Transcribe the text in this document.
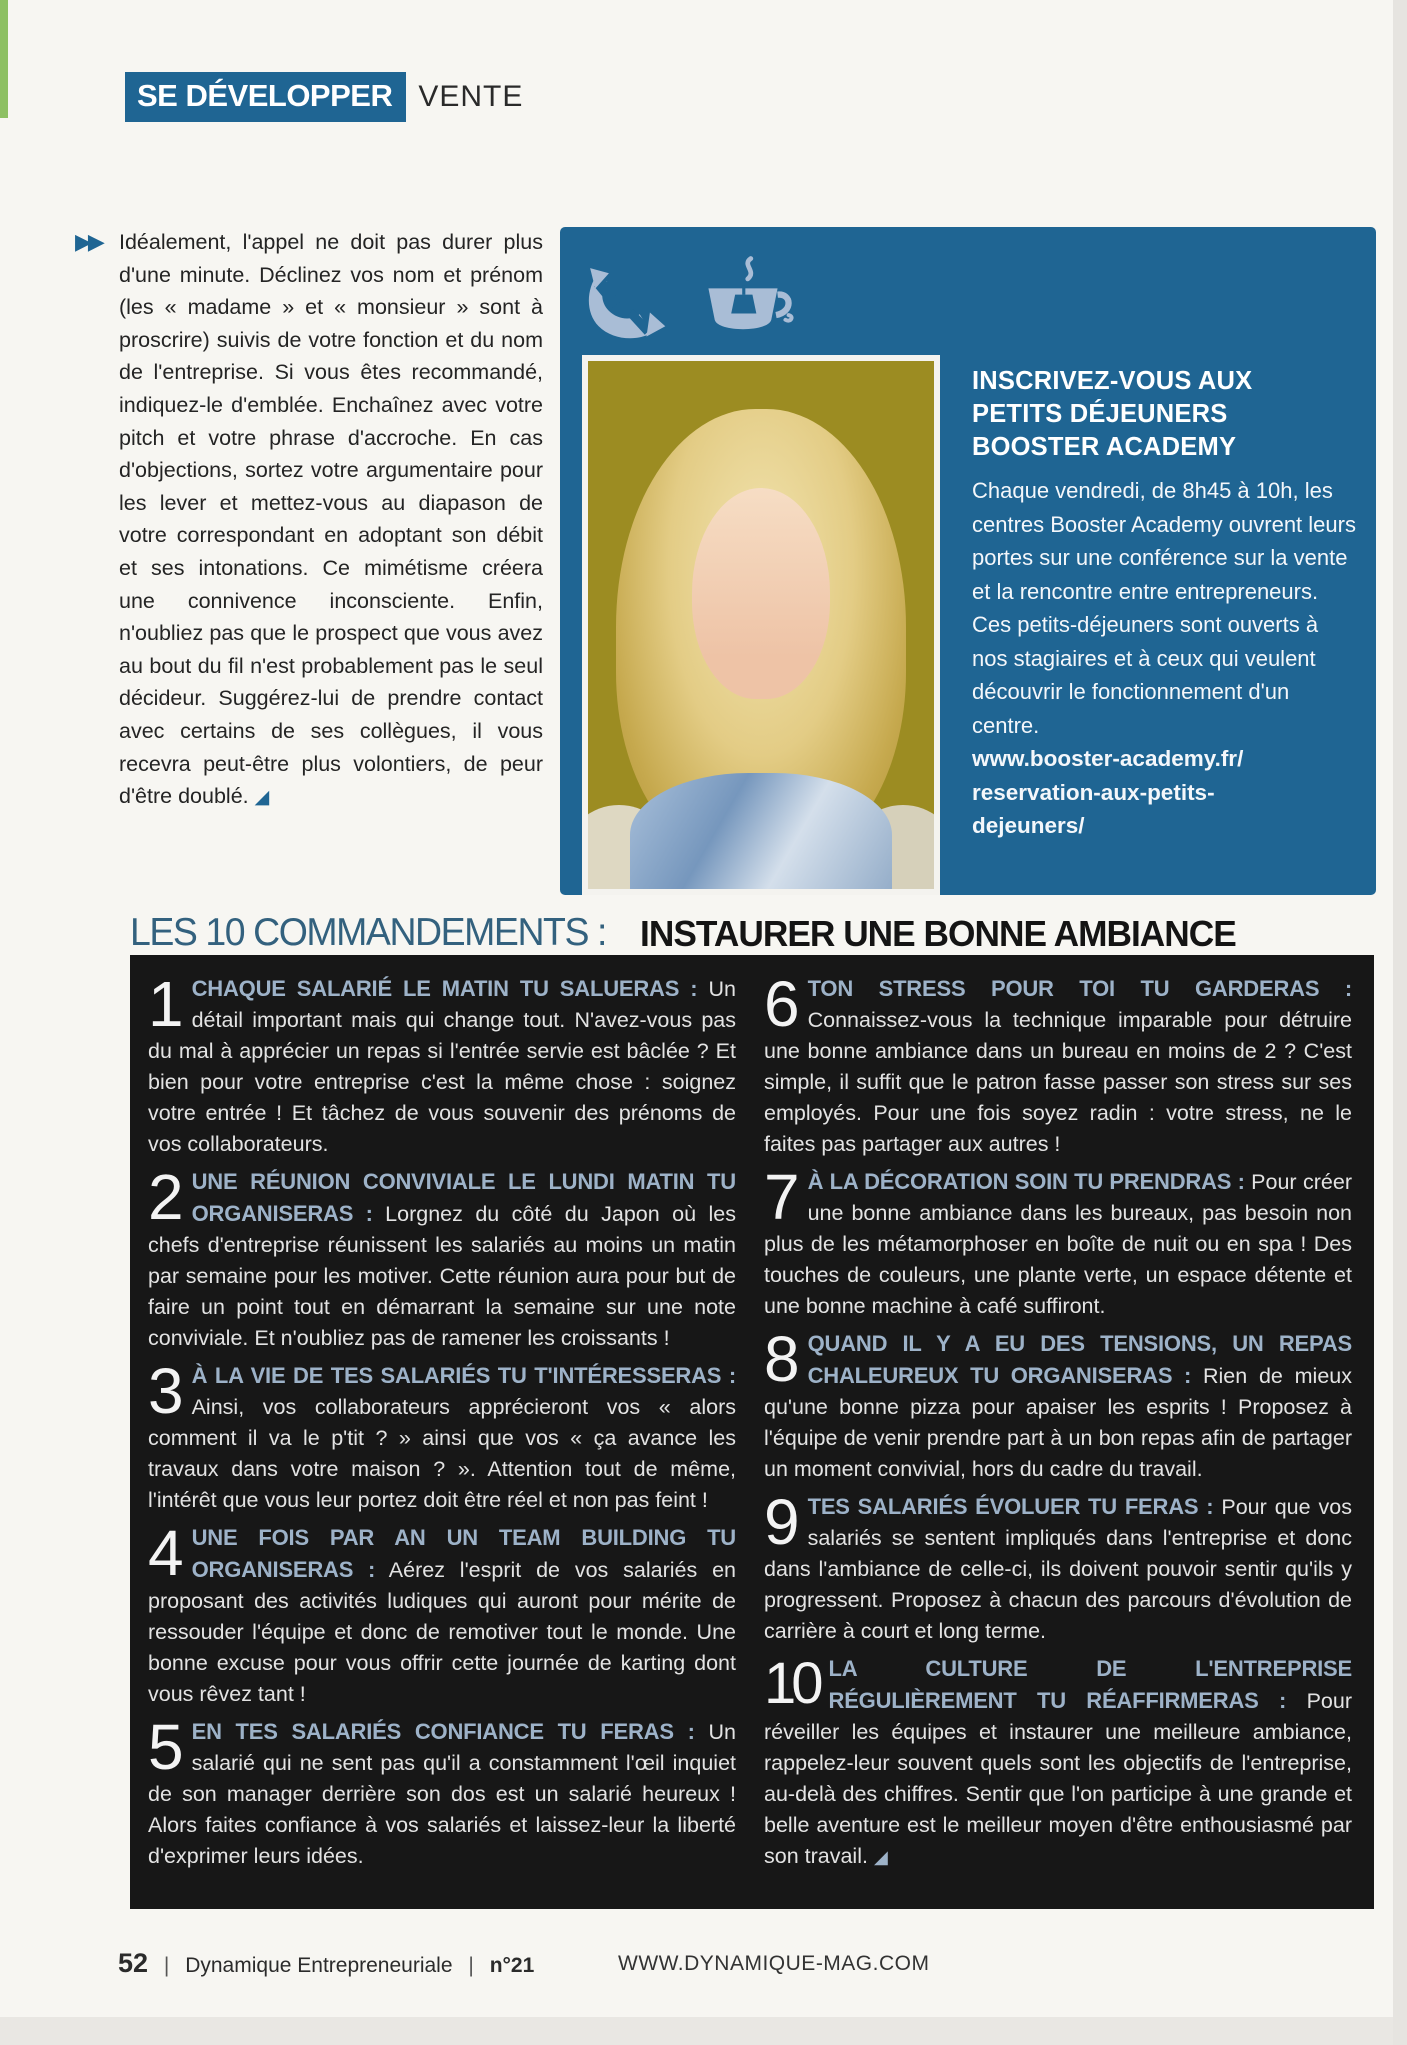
SE DÉVELOPPER VENTE
▶▶ Idéalement, l'appel ne doit pas durer plus d'une minute. Déclinez vos nom et prénom (les « madame » et « monsieur » sont à proscrire) suivis de votre fonction et du nom de l'entreprise. Si vous êtes recommandé, indiquez-le d'emblée. Enchaînez avec votre pitch et votre phrase d'accroche. En cas d'objections, sortez votre argumentaire pour les lever et mettez-vous au diapason de votre correspondant en adoptant son débit et ses intonations. Ce mimétisme créera une connivence inconsciente. Enfin, n'oubliez pas que le prospect que vous avez au bout du fil n'est probablement pas le seul décideur. Suggérez-lui de prendre contact avec certains de ses collègues, il vous recevra peut-être plus volontiers, de peur d'être doublé. ◢

INSCRIVEZ-VOUS AUX
PETITS DÉJEUNERS
BOOSTER ACADEMY

Chaque vendredi, de 8h45 à 10h, les centres Booster Academy ouvrent leurs portes sur une conférence sur la vente et la rencontre entre entrepreneurs. Ces petits-déjeuners sont ouverts à nos stagiaires et à ceux qui veulent découvrir le fonctionnement d'un centre.

www.booster-academy.fr/
reservation-aux-petits-
dejeuners/

LES 10 COMMANDEMENTS : INSTAURER UNE BONNE AMBIANCE
1 CHAQUE SALARIÉ LE MATIN TU SALUERAS : Un détail important mais qui change tout. N'avez-vous pas du mal à apprécier un repas si l'entrée servie est bâclée ? Et bien pour votre entreprise c'est la même chose : soignez votre entrée ! Et tâchez de vous souvenir des prénoms de vos collaborateurs.

2 UNE RÉUNION CONVIVIALE LE LUNDI MATIN TU ORGANISERAS : Lorgnez du côté du Japon où les chefs d'entreprise réunissent les salariés au moins un matin par semaine pour les motiver. Cette réunion aura pour but de faire un point tout en démarrant la semaine sur une note conviviale. Et n'oubliez pas de ramener les croissants !

3 À LA VIE DE TES SALARIÉS TU T'INTÉRESSERAS : Ainsi, vos collaborateurs apprécieront vos « alors comment il va le p'tit ? » ainsi que vos « ça avance les travaux dans votre maison ? ». Attention tout de même, l'intérêt que vous leur portez doit être réel et non pas feint !

4 UNE FOIS PAR AN UN TEAM BUILDING TU ORGANISERAS : Aérez l'esprit de vos salariés en proposant des activités ludiques qui auront pour mérite de ressouder l'équipe et donc de remotiver tout le monde. Une bonne excuse pour vous offrir cette journée de karting dont vous rêvez tant !

5 EN TES SALARIÉS CONFIANCE TU FERAS : Un salarié qui ne sent pas qu'il a constamment l'œil inquiet de son manager derrière son dos est un salarié heureux ! Alors faites confiance à vos salariés et laissez-leur la liberté d'exprimer leurs idées.

6 TON STRESS POUR TOI TU GARDERAS : Connaissez-vous la technique imparable pour détruire une bonne ambiance dans un bureau en moins de 2 ? C'est simple, il suffit que le patron fasse passer son stress sur ses employés. Pour une fois soyez radin : votre stress, ne le faites pas partager aux autres !

7 À LA DÉCORATION SOIN TU PRENDRAS : Pour créer une bonne ambiance dans les bureaux, pas besoin non plus de les métamorphoser en boîte de nuit ou en spa ! Des touches de couleurs, une plante verte, un espace détente et une bonne machine à café suffiront.

8 QUAND IL Y A EU DES TENSIONS, UN REPAS CHALEUREUX TU ORGANISERAS : Rien de mieux qu'une bonne pizza pour apaiser les esprits ! Proposez à l'équipe de venir prendre part à un bon repas afin de partager un moment convivial, hors du cadre du travail.

9 TES SALARIÉS ÉVOLUER TU FERAS : Pour que vos salariés se sentent impliqués dans l'entreprise et donc dans l'ambiance de celle-ci, ils doivent pouvoir sentir qu'ils y progressent. Proposez à chacun des parcours d'évolution de carrière à court et long terme.

10 LA CULTURE DE L'ENTREPRISE RÉGULIÈREMENT TU RÉAFFIRMERAS : Pour réveiller les équipes et instaurer une meilleure ambiance, rappelez-leur souvent quels sont les objectifs de l'entreprise, au-delà des chiffres. Sentir que l'on participe à une grande et belle aventure est le meilleur moyen d'être enthousiasmé par son travail. ◢

52 | Dynamique Entrepreneuriale | n°21	WWW.DYNAMIQUE-MAG.COM
